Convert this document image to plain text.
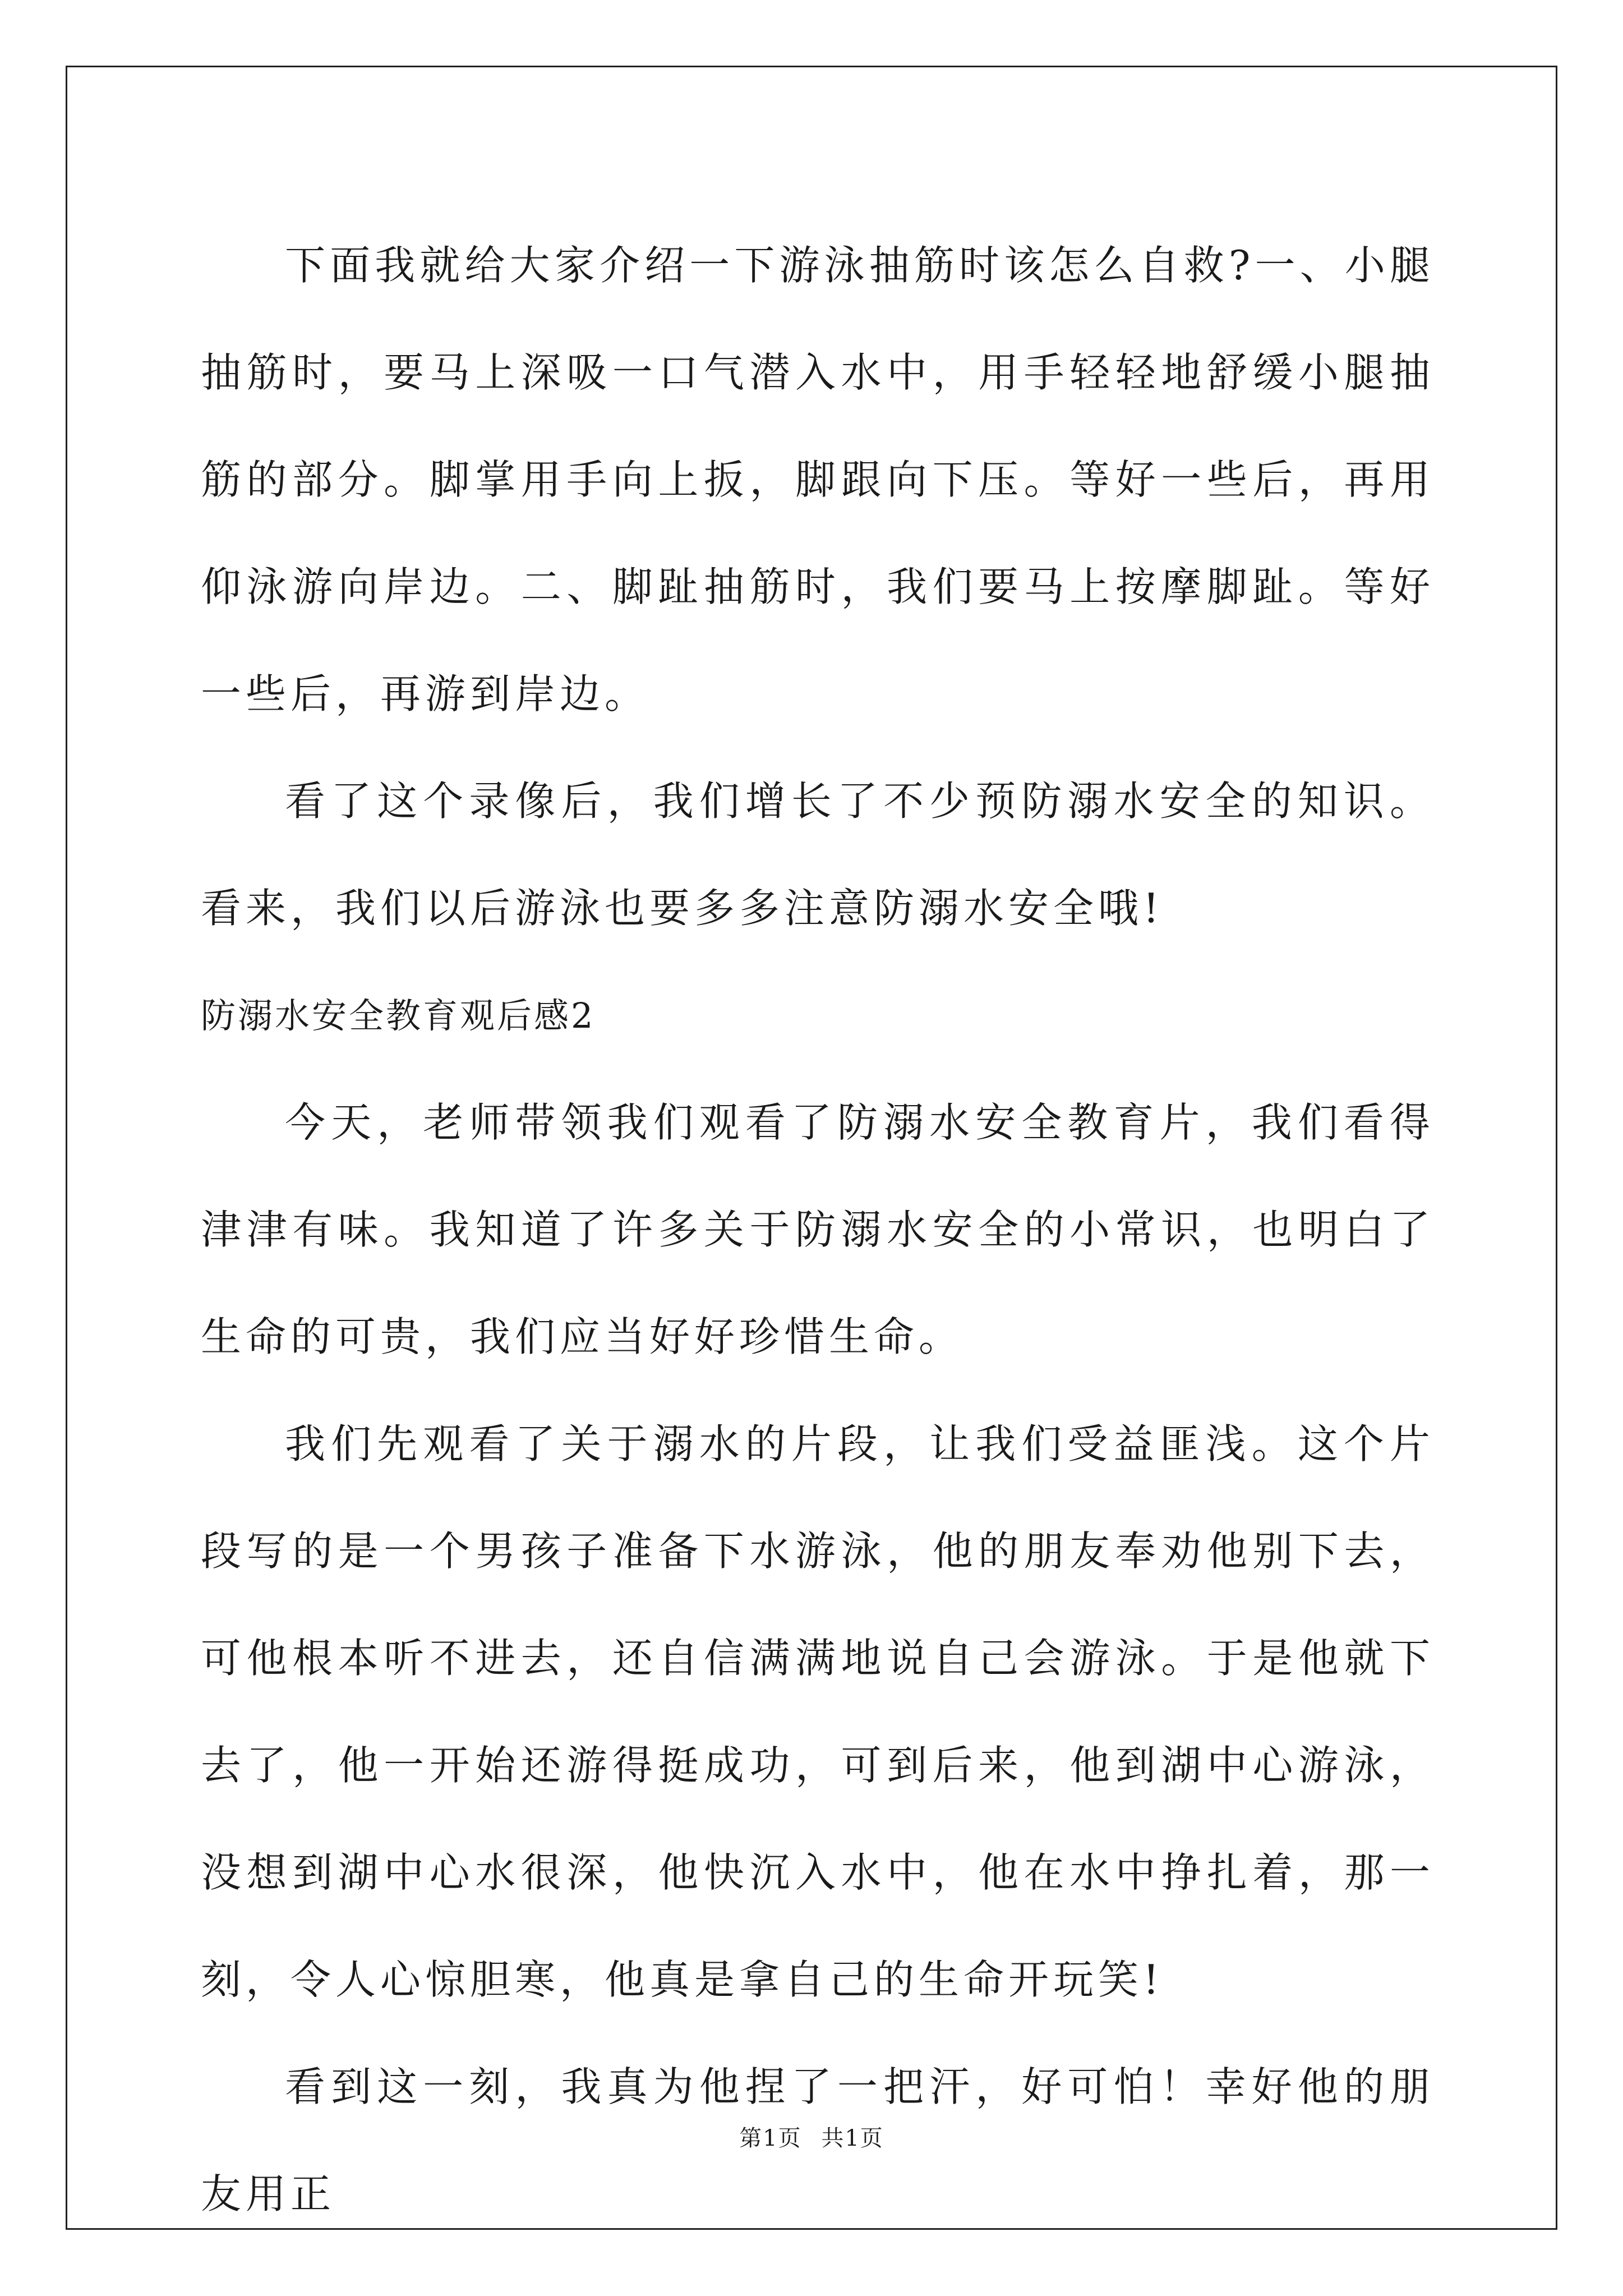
下面我就给大家介绍一下游泳抽筋时该怎么自救?一、小腿抽筋时，要马上深吸一口气潜入水中，用手轻轻地舒缓小腿抽筋的部分。脚掌用手向上扳，脚跟向下压。等好一些后，再用仰泳游向岸边。二、脚趾抽筋时，我们要马上按摩脚趾。等好一些后，再游到岸边。

看了这个录像后，我们增长了不少预防溺水安全的知识。看来，我们以后游泳也要多多注意防溺水安全哦!

防溺水安全教育观后感2

今天，老师带领我们观看了防溺水安全教育片，我们看得津津有味。我知道了许多关于防溺水安全的小常识，也明白了生命的可贵，我们应当好好珍惜生命。

我们先观看了关于溺水的片段，让我们受益匪浅。这个片段写的是一个男孩子准备下水游泳，他的朋友奉劝他别下去，可他根本听不进去，还自信满满地说自己会游泳。于是他就下去了，他一开始还游得挺成功，可到后来，他到湖中心游泳，没想到湖中心水很深，他快沉入水中，他在水中挣扎着，那一刻，令人心惊胆寒，他真是拿自己的生命开玩笑!

看到这一刻，我真为他捏了一把汗，好可怕！幸好他的朋友用正

第1页 共1页
